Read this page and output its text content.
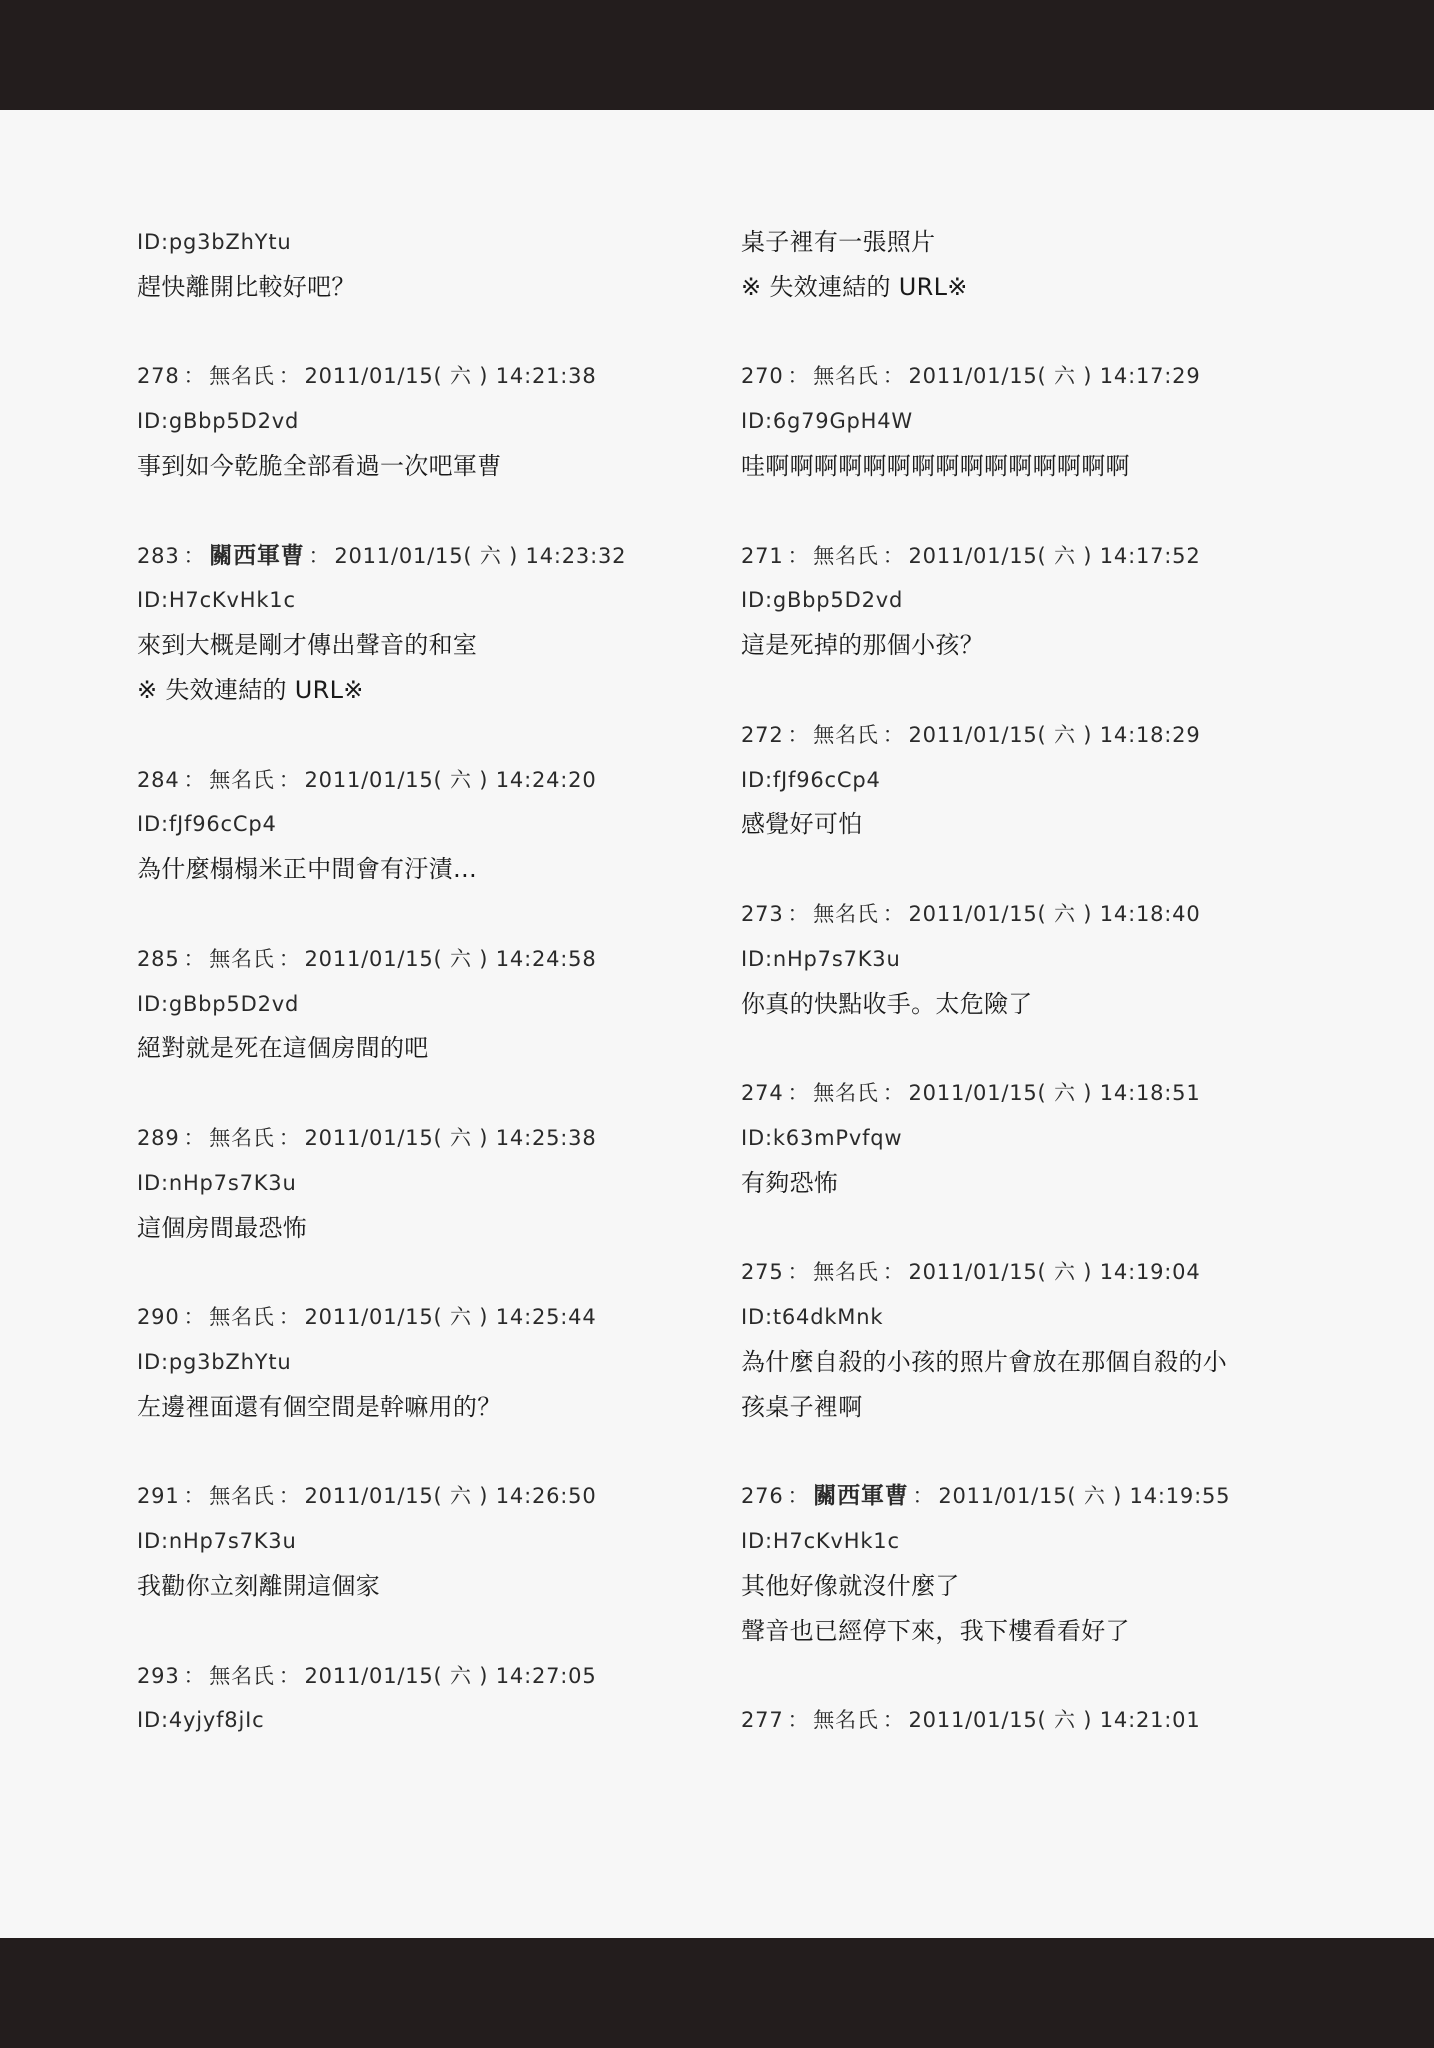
ID:pg3bZhYtu
趕快離開比較好吧？
278 ： 無名氏 ： 2011/01/15( 六 ) 14:21:38
ID:gBbp5D2vd
事到如今乾脆全部看過一次吧軍曹
283 ： 關西軍曹 ： 2011/01/15( 六 ) 14:23:32
ID:H7cKvHk1c
來到大概是剛才傳出聲音的和室
※ 失效連結的 URL※
284 ： 無名氏 ： 2011/01/15( 六 ) 14:24:20
ID:fJf96cCp4
為什麼榻榻米正中間會有汙漬…
285 ： 無名氏 ： 2011/01/15( 六 ) 14:24:58
ID:gBbp5D2vd
絕對就是死在這個房間的吧
289 ： 無名氏 ： 2011/01/15( 六 ) 14:25:38
ID:nHp7s7K3u
這個房間最恐怖
290 ： 無名氏 ： 2011/01/15( 六 ) 14:25:44
ID:pg3bZhYtu
左邊裡面還有個空間是幹嘛用的？
291 ： 無名氏 ： 2011/01/15( 六 ) 14:26:50
ID:nHp7s7K3u
我勸你立刻離開這個家
293 ： 無名氏 ： 2011/01/15( 六 ) 14:27:05
ID:4yjyf8jIc
桌子裡有一張照片
※ 失效連結的 URL※
270 ： 無名氏 ： 2011/01/15( 六 ) 14:17:29
ID:6g79GpH4W
哇啊啊啊啊啊啊啊啊啊啊啊啊啊啊啊
271 ： 無名氏 ： 2011/01/15( 六 ) 14:17:52
ID:gBbp5D2vd
這是死掉的那個小孩？
272 ： 無名氏 ： 2011/01/15( 六 ) 14:18:29
ID:fJf96cCp4
感覺好可怕
273 ： 無名氏 ： 2011/01/15( 六 ) 14:18:40
ID:nHp7s7K3u
你真的快點收手。太危險了
274 ： 無名氏 ： 2011/01/15( 六 ) 14:18:51
ID:k63mPvfqw
有夠恐怖
275 ： 無名氏 ： 2011/01/15( 六 ) 14:19:04
ID:t64dkMnk
為什麼自殺的小孩的照片會放在那個自殺的小
孩桌子裡啊
276 ： 關西軍曹 ： 2011/01/15( 六 ) 14:19:55
ID:H7cKvHk1c
其他好像就沒什麼了
聲音也已經停下來，我下樓看看好了
277 ： 無名氏 ： 2011/01/15( 六 ) 14:21:01
